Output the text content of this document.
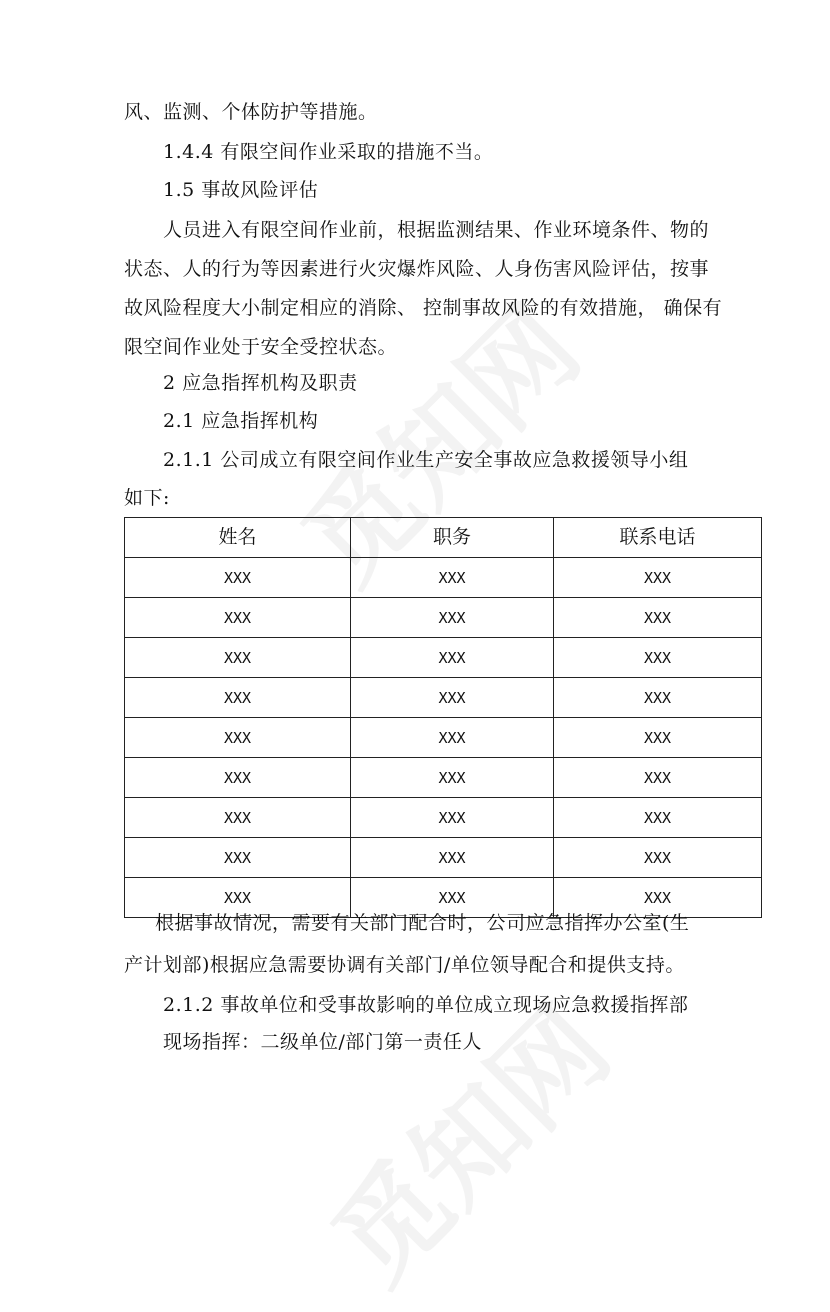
风、监测、个体防护等措施。
1.4.4 有限空间作业采取的措施不当。
1.5 事故风险评估
人员进入有限空间作业前，根据监测结果、作业环境条件、物的
状态、人的行为等因素进行火灾爆炸风险、人身伤害风险评估，按事
故风险程度大小制定相应的消除、 控制事故风险的有效措施， 确保有
限空间作业处于安全受控状态。
2 应急指挥机构及职责
2.1 应急指挥机构
2.1.1 公司成立有限空间作业生产安全事故应急救援领导小组
如下:
姓名	职务	联系电话
XXX	XXX	XXX
XXX	XXX	XXX
XXX	XXX	XXX
XXX	XXX	XXX
XXX	XXX	XXX
XXX	XXX	XXX
XXX	XXX	XXX
XXX	XXX	XXX
XXX	XXX	XXX
根据事故情况，需要有关部门配合时，公司应急指挥办公室(生
产计划部)根据应急需要协调有关部门/单位领导配合和提供支持。
2.1.2 事故单位和受事故影响的单位成立现场应急救援指挥部
现场指挥：二级单位/部门第一责任人
